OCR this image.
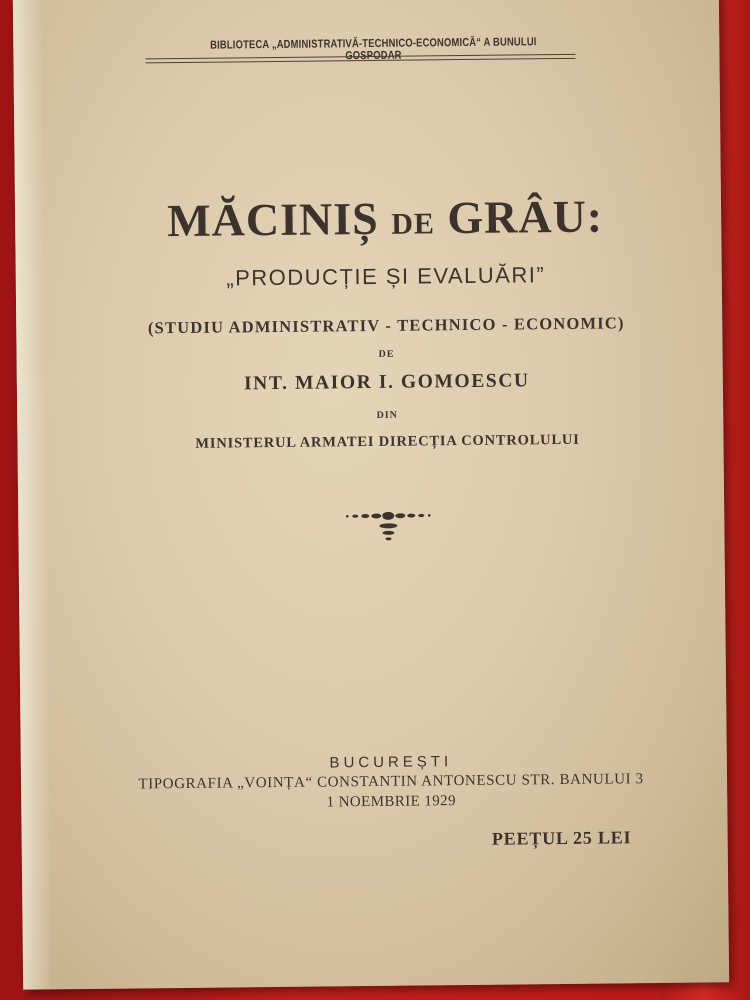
BIBLIOTECA „ADMINISTRATIVĂ-TECHNICO-ECONOMICĂ“ A BUNULUI GOSPODAR
MĂCINIȘ DE GRÂU:
„PRODUCȚIE ȘI EVALUĂRI”
(STUDIU ADMINISTRATIV - TECHNICO - ECONOMIC)
DE
INT. MAIOR I. GOMOESCU
DIN
MINISTERUL ARMATEI DIRECȚIA CONTROLULUI
BUCUREȘTI
TIPOGRAFIA „VOINȚA“ CONSTANTIN ANTONESCU STR. BANULUI 3
1 NOEMBRIE 1929
PEEȚUL 25 LEI
